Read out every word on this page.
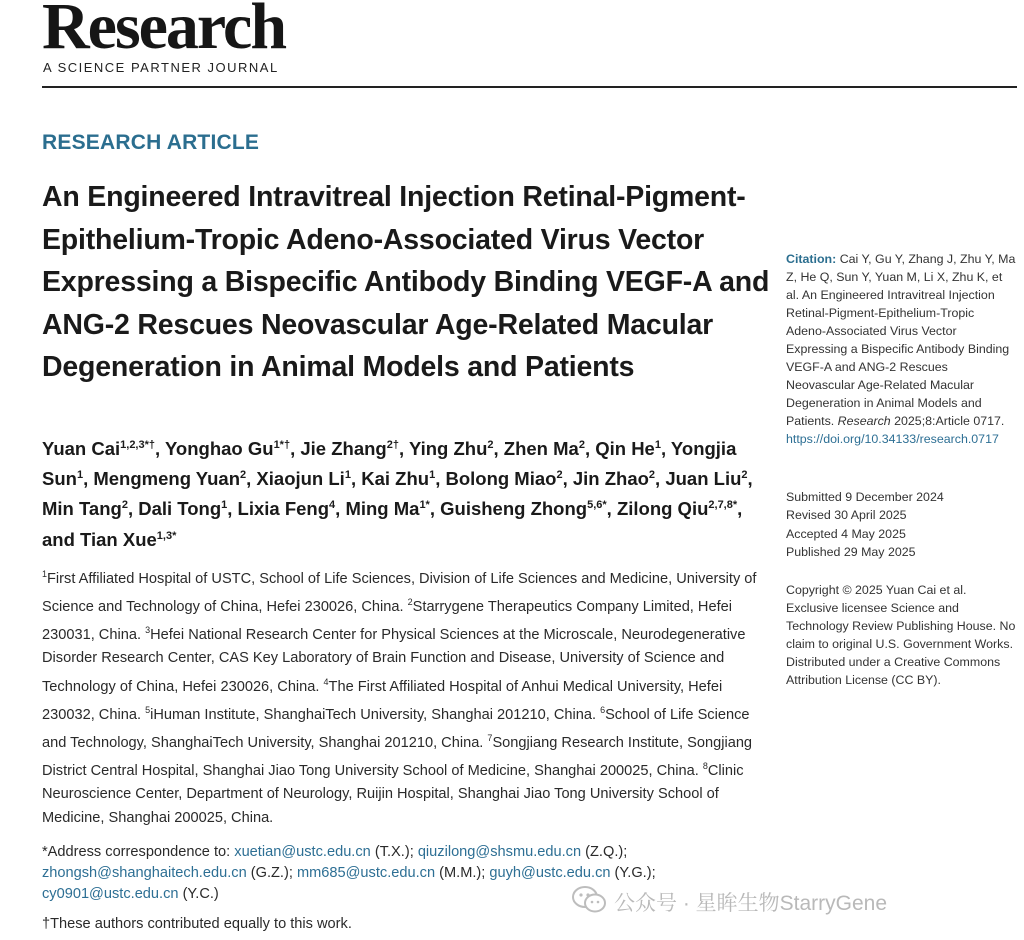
Research
A SCIENCE PARTNER JOURNAL
RESEARCH ARTICLE
An Engineered Intravitreal Injection Retinal-Pigment-Epithelium-Tropic Adeno-Associated Virus Vector Expressing a Bispecific Antibody Binding VEGF-A and ANG-2 Rescues Neovascular Age-Related Macular Degeneration in Animal Models and Patients
Yuan Cai$^{1,2,3*\dagger}$, Yonghao $Gu^{1*\dagger}$, Jie Zhang$^{2\dagger}$, Ying Zhu$^2$, Zhen Ma$^2$, Qin He$^1$, Yongjia Sun$^1$, Mengmeng Yuan$^2$, Xiaojun Li$^1$, Kai Zhu$^1$, Bolong Miao$^2$, Jin Zhao$^2$, Juan Liu$^2$, Min Tang$^2$, Dali Tong$^1$, Lixia Feng$^4$, Ming $Ma^{1*}$, Guisheng Zhong$^{5,6*}$, Zilong Qiu$^{2,7,8*}$, and Tian Xue$^{1,3*}$
$^1$First Affiliated Hospital of USTC, School of Life Sciences, Division of Life Sciences and Medicine, University of Science and Technology of China, Hefei 230026, China. $^2$Starrygene Therapeutics Company Limited, Hefei 230031, China. $^3$Hefei National Research Center for Physical Sciences at the Microscale, Neurodegenerative Disorder Research Center, CAS Key Laboratory of Brain Function and Disease, University of Science and Technology of China, Hefei 230026, China. $^4$The First Affiliated Hospital of Anhui Medical University, Hefei 230032, China. $^5$iHuman Institute, ShanghaiTech University, Shanghai 201210, China. $^6$School of Life Science and Technology, ShanghaiTech University, Shanghai 201210, China. $^7$Songjiang Research Institute, Songjiang District Central Hospital, Shanghai Jiao Tong University School of Medicine, Shanghai 200025, China. $^8$Clinic Neuroscience Center, Department of Neurology, Ruijin Hospital, Shanghai Jiao Tong University School of Medicine, Shanghai 200025, China.
*Address correspondence to: xuetian@ustc.edu.cn (T.X.); qiuzilong@shsmu.edu.cn (Z.Q.); zhongsh@shanghaitech.edu.cn (G.Z.); mm685@ustc.edu.cn (M.M.); guyh@ustc.edu.cn (Y.G.); cy0901@ustc.edu.cn (Y.C.)
†These authors contributed equally to this work.
Citation: Cai Y, Gu Y, Zhang J, Zhu Y, Ma Z, He Q, Sun Y, Yuan M, Li X, Zhu K, et al. An Engineered Intravitreal Injection Retinal-Pigment-Epithelium-Tropic Adeno-Associated Virus Vector Expressing a Bispecific Antibody Binding VEGF-A and ANG-2 Rescues Neovascular Age-Related Macular Degeneration in Animal Models and Patients. Research 2025;8:Article 0717. https://doi.org/10.34133/research.0717
Submitted 9 December 2024
Revised 30 April 2025
Accepted 4 May 2025
Published 29 May 2025
Copyright © 2025 Yuan Cai et al. Exclusive licensee Science and Technology Review Publishing House. No claim to original U.S. Government Works. Distributed under a Creative Commons Attribution License (CC BY).
公众号 · 星眸生物StarryGene
